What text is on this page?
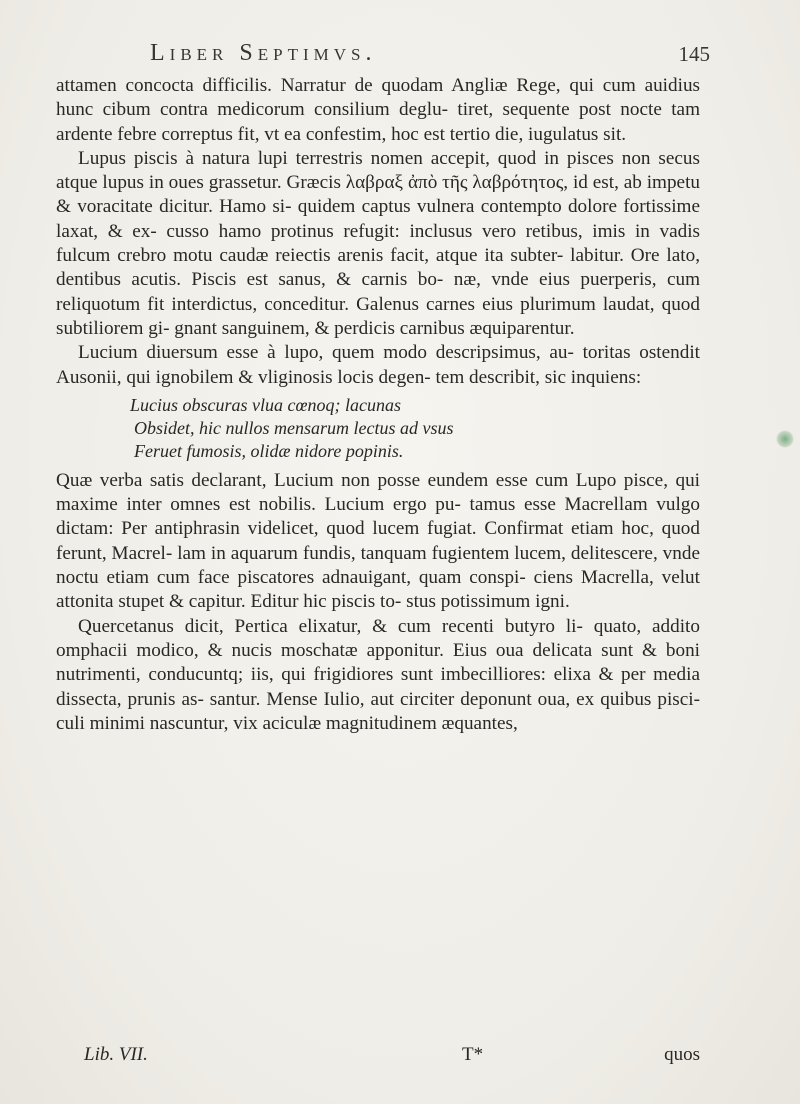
Liber Septimvs.	145

attamen concocta difficilis. Narratur de quodam Angliæ Rege, qui cum auidius hunc cibum contra medicorum consilium deglu- tiret, sequente post nocte tam ardente febre correptus fit, vt ea confestim, hoc est tertio die, iugulatus sit.

Lupus piscis à natura lupi terrestris nomen accepit, quod in pisces non secus atque lupus in oues grassetur. Græcis λαβραξ ἀπὸ τῆς λαβρότητος, id est, ab impetu & voracitate dicitur. Hamo si- quidem captus vulnera contempto dolore fortissime laxat, & ex- cusso hamo protinus refugit: inclusus vero retibus, imis in vadis fulcum crebro motu caudæ reiectis arenis facit, atque ita subter- labitur. Ore lato, dentibus acutis. Piscis est sanus, & carnis bo- næ, vnde eius puerperis, cum reliquotum fit interdictus, conceditur. Galenus carnes eius plurimum laudat, quod subtiliorem gi- gnant sanguinem, & perdicis carnibus æquiparentur.

Lucium diuersum esse à lupo, quem modo descripsimus, au- toritas ostendit Ausonii, qui ignobilem & vliginosis locis degen- tem describit, sic inquiens:

Lucius obscuras vlua cœnoq; lacunas
Obsidet, hic nullos mensarum lectus ad vsus
Feruet fumosis, olidæ nidore popinis.

Quæ verba satis declarant, Lucium non posse eundem esse cum Lupo pisce, qui maxime inter omnes est nobilis. Lucium ergo pu- tamus esse Macrellam vulgo dictam: Per antiphrasin videlicet, quod lucem fugiat. Confirmat etiam hoc, quod ferunt, Macrel- lam in aquarum fundis, tanquam fugientem lucem, delitescere, vnde noctu etiam cum face piscatores adnauigant, quam conspi- ciens Macrella, velut attonita stupet & capitur. Editur hic piscis to- stus potissimum igni.

Quercetanus dicit, Pertica elixatur, & cum recenti butyro li- quato, addito omphacii modico, & nucis moschatæ apponitur. Eius oua delicata sunt & boni nutrimenti, conducuntq; iis, qui frigidiores sunt imbecilliores: elixa & per media dissecta, prunis as- santur. Mense Iulio, aut circiter deponunt oua, ex quibus pisci- culi minimi nascuntur, vix aciculæ magnitudinem æquantes,

Lib. VII.	T*	quos
